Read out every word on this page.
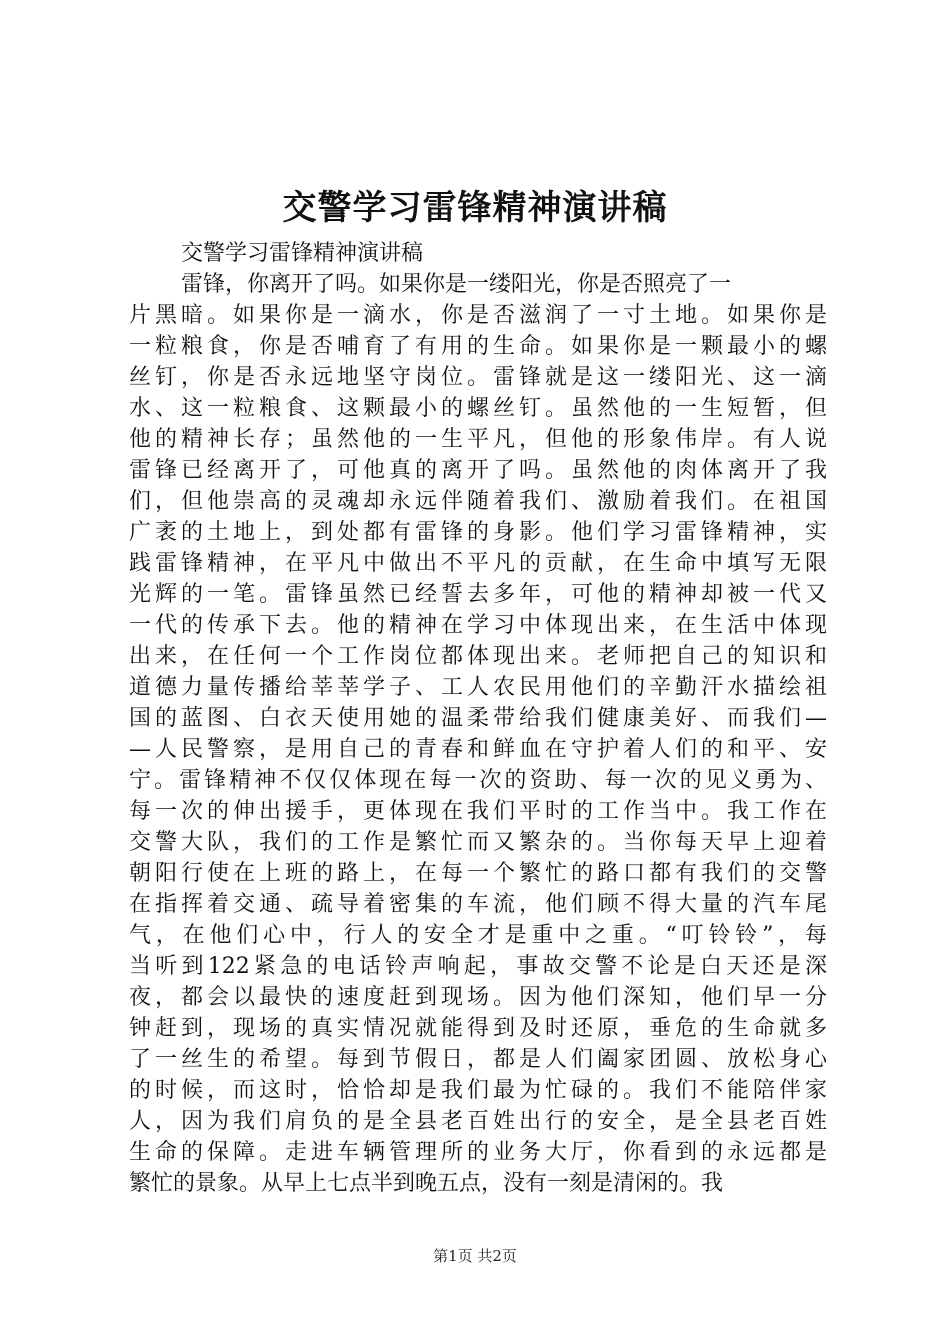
交警学习雷锋精神演讲稿
交警学习雷锋精神演讲稿
雷锋，你离开了吗。如果你是一缕阳光，你是否照亮了一
片黑暗。如果你是一滴水，你是否滋润了一寸土地。如果你是
一粒粮食，你是否哺育了有用的生命。如果你是一颗最小的螺
丝钉，你是否永远地坚守岗位。雷锋就是这一缕阳光、这一滴
水、这一粒粮食、这颗最小的螺丝钉。虽然他的一生短暂，但
他的精神长存；虽然他的一生平凡，但他的形象伟岸。有人说
雷锋已经离开了，可他真的离开了吗。虽然他的肉体离开了我
们，但他崇高的灵魂却永远伴随着我们、激励着我们。在祖国
广袤的土地上，到处都有雷锋的身影。他们学习雷锋精神，实
践雷锋精神，在平凡中做出不平凡的贡献，在生命中填写无限
光辉的一笔。雷锋虽然已经誓去多年，可他的精神却被一代又
一代的传承下去。他的精神在学习中体现出来，在生活中体现
出来，在任何一个工作岗位都体现出来。老师把自己的知识和
道德力量传播给莘莘学子、工人农民用他们的辛勤汗水描绘祖
国的蓝图、白衣天使用她的温柔带给我们健康美好、而我们—
—人民警察，是用自己的青春和鲜血在守护着人们的和平、安
宁。雷锋精神不仅仅体现在每一次的资助、每一次的见义勇为、
每一次的伸出援手，更体现在我们平时的工作当中。我工作在
交警大队，我们的工作是繁忙而又繁杂的。当你每天早上迎着
朝阳行使在上班的路上，在每一个繁忙的路口都有我们的交警
在指挥着交通、疏导着密集的车流，他们顾不得大量的汽车尾
气，在他们心中，行人的安全才是重中之重。“叮铃铃”，每
当听到122紧急的电话铃声响起，事故交警不论是白天还是深
夜，都会以最快的速度赶到现场。因为他们深知，他们早一分
钟赶到，现场的真实情况就能得到及时还原，垂危的生命就多
了一丝生的希望。每到节假日，都是人们阖家团圆、放松身心
的时候，而这时，恰恰却是我们最为忙碌的。我们不能陪伴家
人，因为我们肩负的是全县老百姓出行的安全，是全县老百姓
生命的保障。走进车辆管理所的业务大厅，你看到的永远都是
繁忙的景象。从早上七点半到晚五点，没有一刻是清闲的。我
第1页 共2页
